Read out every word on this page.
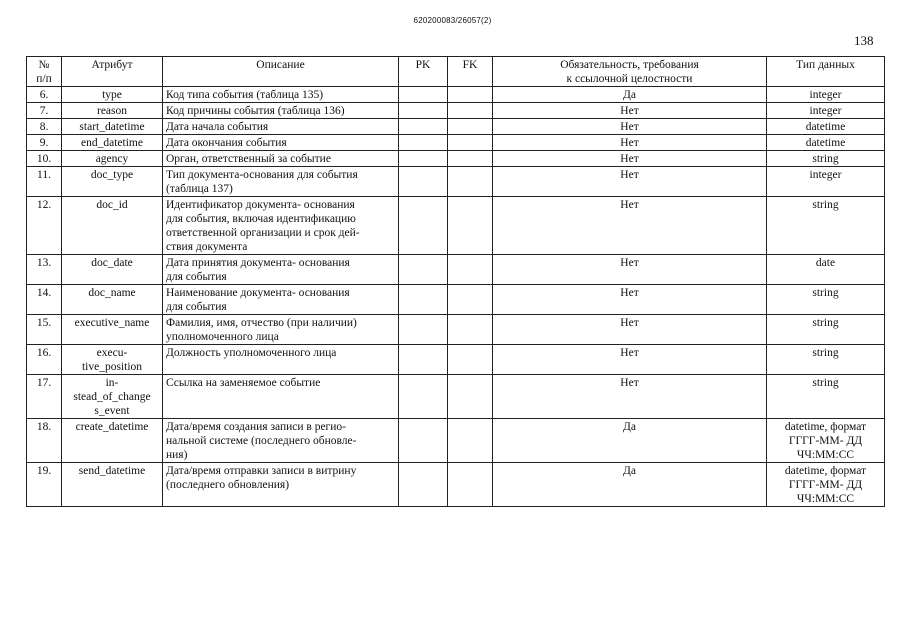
620200083/26057(2)
138
№
п/п	Атрибут	Описание	PK	FK	Обязательность, требования
к ссылочной целостности	Тип данных
6.	type	Код типа события (таблица 135)			Да	integer
7.	reason	Код причины события (таблица 136)			Нет	integer
8.	start_datetime	Дата начала события			Нет	datetime
9.	end_datetime	Дата окончания события			Нет	datetime
10.	agency	Орган, ответственный за событие			Нет	string
11.	doc_type	Тип документа-основания для события
(таблица 137)			Нет	integer
12.	doc_id	Идентификатор документа- основания
для события, включая идентификацию
ответственной организации и срок дей-
ствия документа			Нет	string
13.	doc_date	Дата принятия документа- основания
для события			Нет	date
14.	doc_name	Наименование документа- основания
для события			Нет	string
15.	executive_name	Фамилия, имя, отчество (при наличии)
уполномоченного лица			Нет	string
16.	execu-
tive_position	Должность уполномоченного лица			Нет	string
17.	in-
stead_of_change
s_event	Ссылка на заменяемое событие			Нет	string
18.	create_datetime	Дата/время создания записи в регио-
нальной системе (последнего обновле-
ния)			Да	datetime, формат
ГГГГ-ММ- ДД
ЧЧ:ММ:СС
19.	send_datetime	Дата/время отправки записи в витрину
(последнего обновления)			Да	datetime, формат
ГГГГ-ММ- ДД
ЧЧ:ММ:СС
